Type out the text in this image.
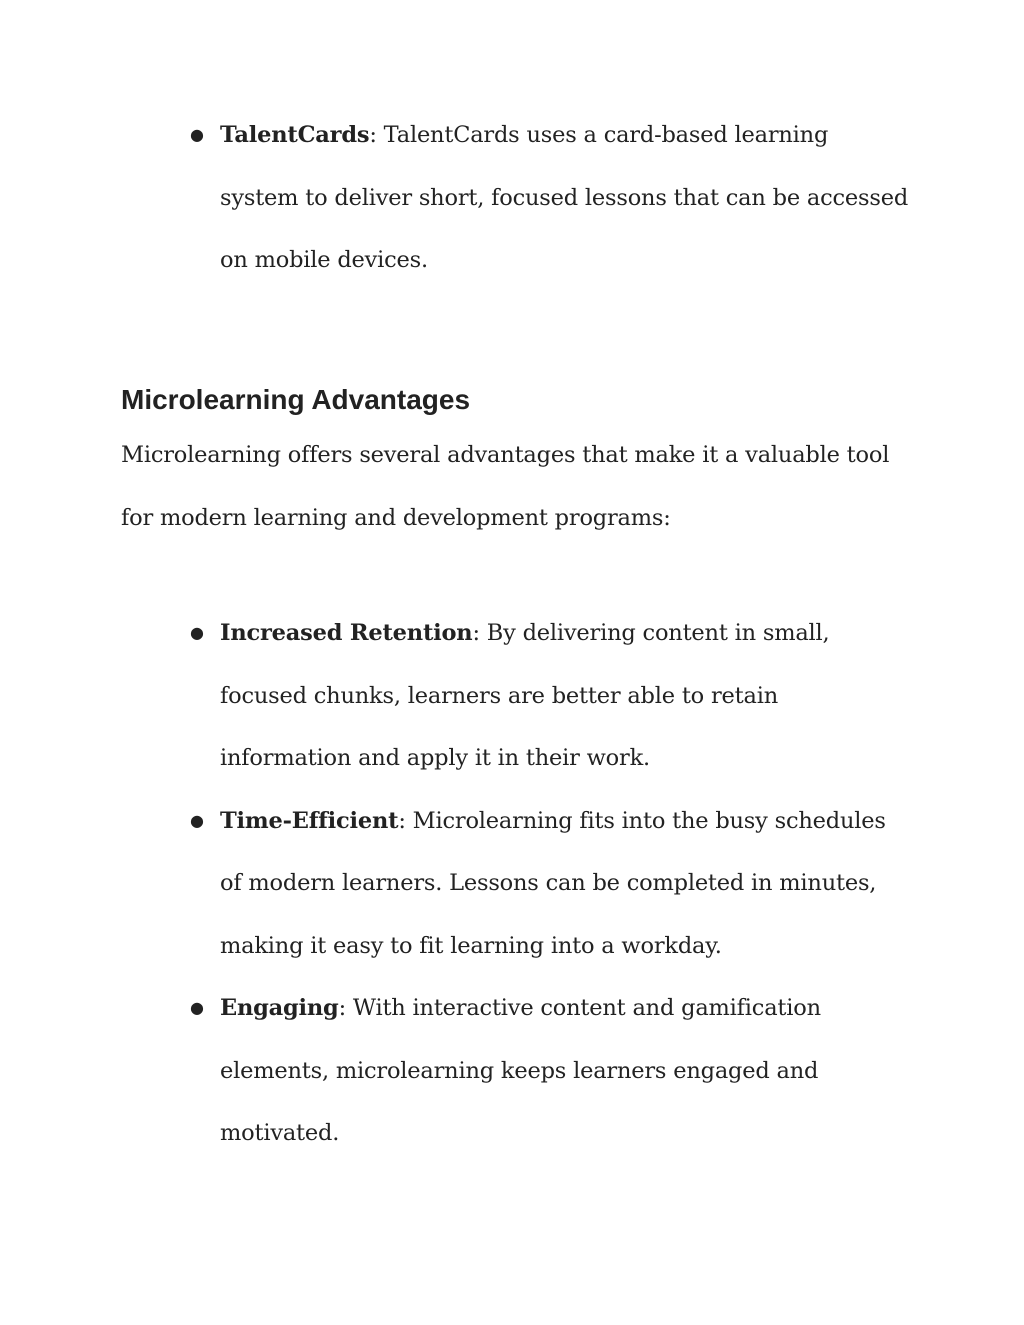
● TalentCards: TalentCards uses a card-based learning system to deliver short, focused lessons that can be accessed on mobile devices.
Microlearning Advantages

Microlearning offers several advantages that make it a valuable tool for modern learning and development programs:

● Increased Retention: By delivering content in small, focused chunks, learners are better able to retain information and apply it in their work.
● Time-Efficient: Microlearning fits into the busy schedules of modern learners. Lessons can be completed in minutes, making it easy to fit learning into a workday.
● Engaging: With interactive content and gamification elements, microlearning keeps learners engaged and motivated.
